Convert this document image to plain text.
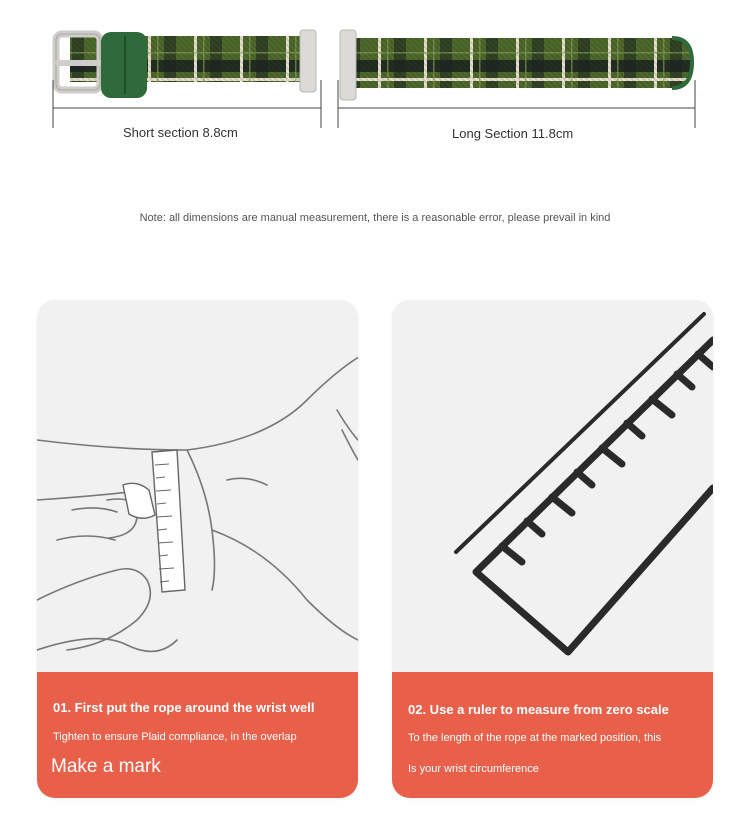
Short section 8.8cm	Long Section 11.8cm
Note: all dimensions are manual measurement, there is a reasonable error, please prevail in kind
01. First put the rope around the wrist well
Tighten to ensure Plaid compliance, in the overlap
Make a mark
02. Use a ruler to measure from zero scale
To the length of the rope at the marked position, this
Is your wrist circumference
